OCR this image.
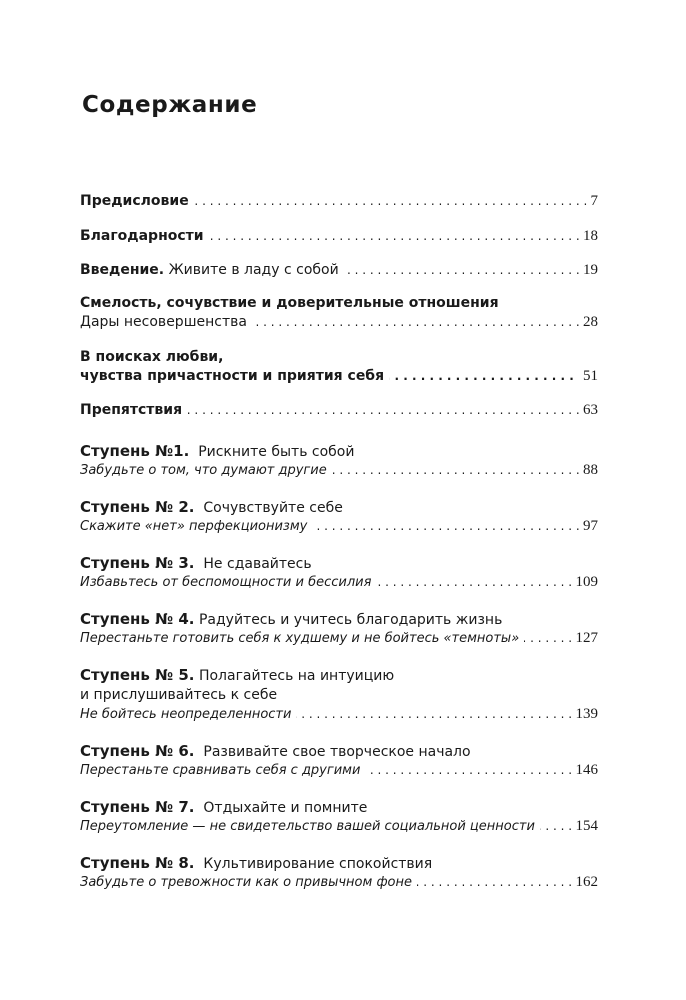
Содержание
Предисловие	7
. . .
Благодарности	18
. . .
Введение. Живите в ладу с собой	19
. . .
Смелость, сочувствие и доверительные отношения
Дары несовершенства	28
. . .
В поисках любви,
чувства причастности и приятия себя	51
. . .
Препятствия	63
. . .
Ступень №1. Рискните быть собой
Забудьте о том, что думают другие	88
. . .
Ступень № 2. Сочувствуйте себе
Скажите «нет» перфекционизму	97
. . .
Ступень № 3. Не сдавайтесь
Избавьтесь от беспомощности и бессилия	109
. . .
Ступень № 4. Радуйтесь и учитесь благодарить жизнь
Перестаньте готовить себя к худшему и не бойтесь «темноты»	127
. . .
Ступень № 5. Полагайтесь на интуицию
и прислушивайтесь к себе
Не бойтесь неопределенности	139
. . .
Ступень № 6. Развивайте свое творческое начало
Перестаньте сравнивать себя с другими	146
. . .
Ступень № 7. Отдыхайте и помните
Переутомление — не свидетельство вашей социальной ценности	154
. . .
Ступень № 8. Культивирование спокойствия
Забудьте о тревожности как о привычном фоне	162
. . .
